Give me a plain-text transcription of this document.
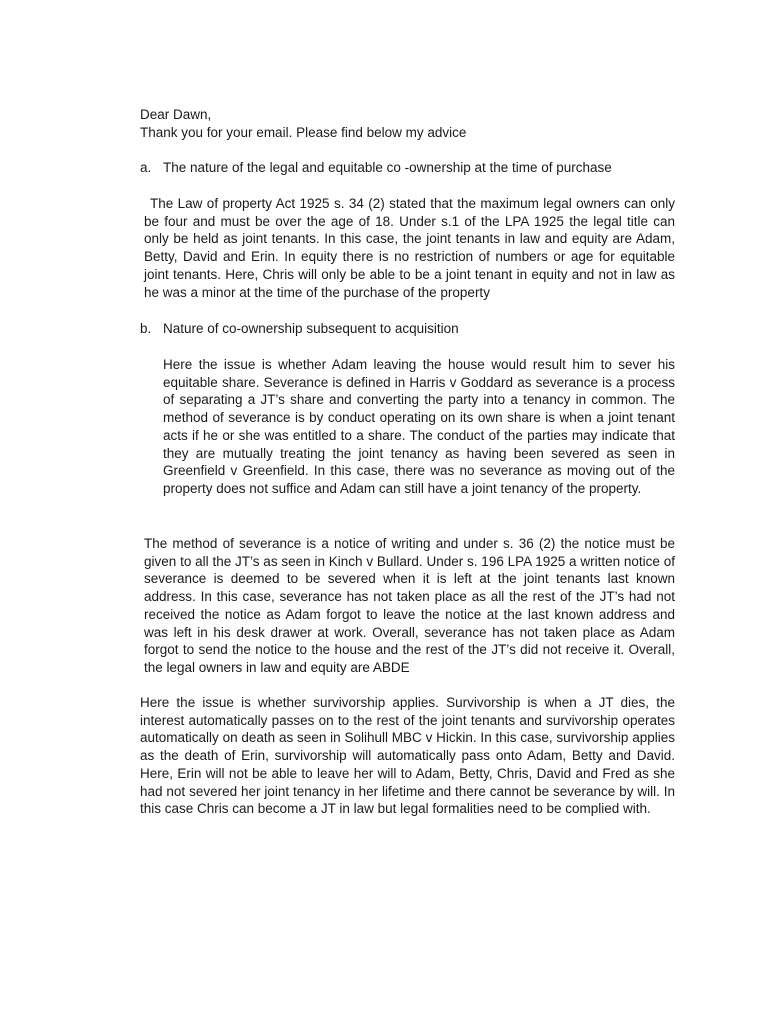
Dear Dawn,
Thank you for your email. Please find below my advice
a. The nature of the legal and equitable co -ownership at the time of purchase

The Law of property Act 1925 s. 34 (2) stated that the maximum legal owners can only be four and must be over the age of 18. Under s.1 of the LPA 1925 the legal title can only be held as joint tenants. In this case, the joint tenants in law and equity are Adam, Betty, David and Erin. In equity there is no restriction of numbers or age for equitable joint tenants. Here, Chris will only be able to be a joint tenant in equity and not in law as he was a minor at the time of the purchase of the property

b. Nature of co-ownership subsequent to acquisition

Here the issue is whether Adam leaving the house would result him to sever his equitable share. Severance is defined in Harris v Goddard as severance is a process of separating a JT’s share and converting the party into a tenancy in common. The method of severance is by conduct operating on its own share is when a joint tenant acts if he or she was entitled to a share. The conduct of the parties may indicate that they are mutually treating the joint tenancy as having been severed as seen in Greenfield v Greenfield. In this case, there was no severance as moving out of the property does not suffice and Adam can still have a joint tenancy of the property.

The method of severance is a notice of writing and under s. 36 (2) the notice must be given to all the JT’s as seen in Kinch v Bullard. Under s. 196 LPA 1925 a written notice of severance is deemed to be severed when it is left at the joint tenants last known address. In this case, severance has not taken place as all the rest of the JT’s had not received the notice as Adam forgot to leave the notice at the last known address and was left in his desk drawer at work. Overall, severance has not taken place as Adam forgot to send the notice to the house and the rest of the JT’s did not receive it. Overall, the legal owners in law and equity are ABDE

Here the issue is whether survivorship applies. Survivorship is when a JT dies, the interest automatically passes on to the rest of the joint tenants and survivorship operates automatically on death as seen in Solihull MBC v Hickin. In this case, survivorship applies as the death of Erin, survivorship will automatically pass onto Adam, Betty and David. Here, Erin will not be able to leave her will to Adam, Betty, Chris, David and Fred as she had not severed her joint tenancy in her lifetime and there cannot be severance by will. In this case Chris can become a JT in law but legal formalities need to be complied with.
